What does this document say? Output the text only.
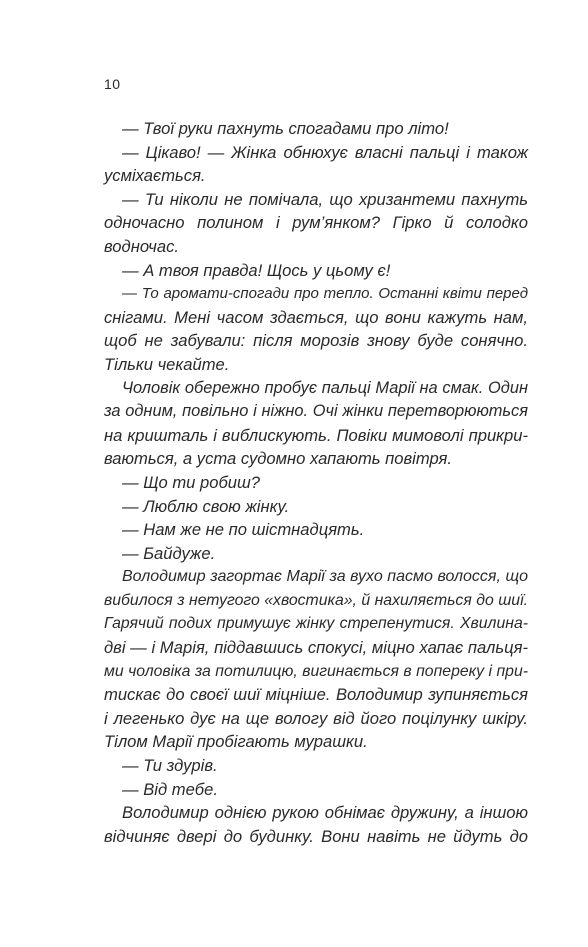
10
— Твої руки пахнуть спогадами про літо!
— Цікаво! — Жінка обнюхує власні пальці і також
усміхається.
— Ти ніколи не помічала, що хризантеми пахнуть
одночасно полином і рум’янком? Гірко й солодко
водночас.
— А твоя правда! Щось у цьому є!
— То аромати-спогади про тепло. Останні квіти перед
снігами. Мені часом здається, що вони кажуть нам,
щоб не забували: після морозів знову буде сонячно.
Тільки чекайте.
Чоловік обережно пробує пальці Марії на смак. Один
за одним, повільно і ніжно. Очі жінки перетворюються
на кришталь і виблискують. Повіки мимоволі прикри-
ваються, а уста судомно хапають повітря.
— Що ти робиш?
— Люблю свою жінку.
— Нам же не по шістнадцять.
— Байдуже.
Володимир загортає Марії за вухо пасмо волосся, що
вибилося з нетугого «хвостика», й нахиляється до шиї.
Гарячий подих примушує жінку стрепенутися. Хвилина-
дві — і Марія, піддавшись спокусі, міцно хапає пальця-
ми чоловіка за потилицю, вигинається в попереку і при-
тискає до своєї шиї міцніше. Володимир зупиняється
і легенько дує на ще вологу від його поцілунку шкіру.
Тілом Марії пробігають мурашки.
— Ти здурів.
— Від тебе.
Володимир однією рукою обнімає дружину, а іншою
відчиняє двері до будинку. Вони навіть не йдуть до
